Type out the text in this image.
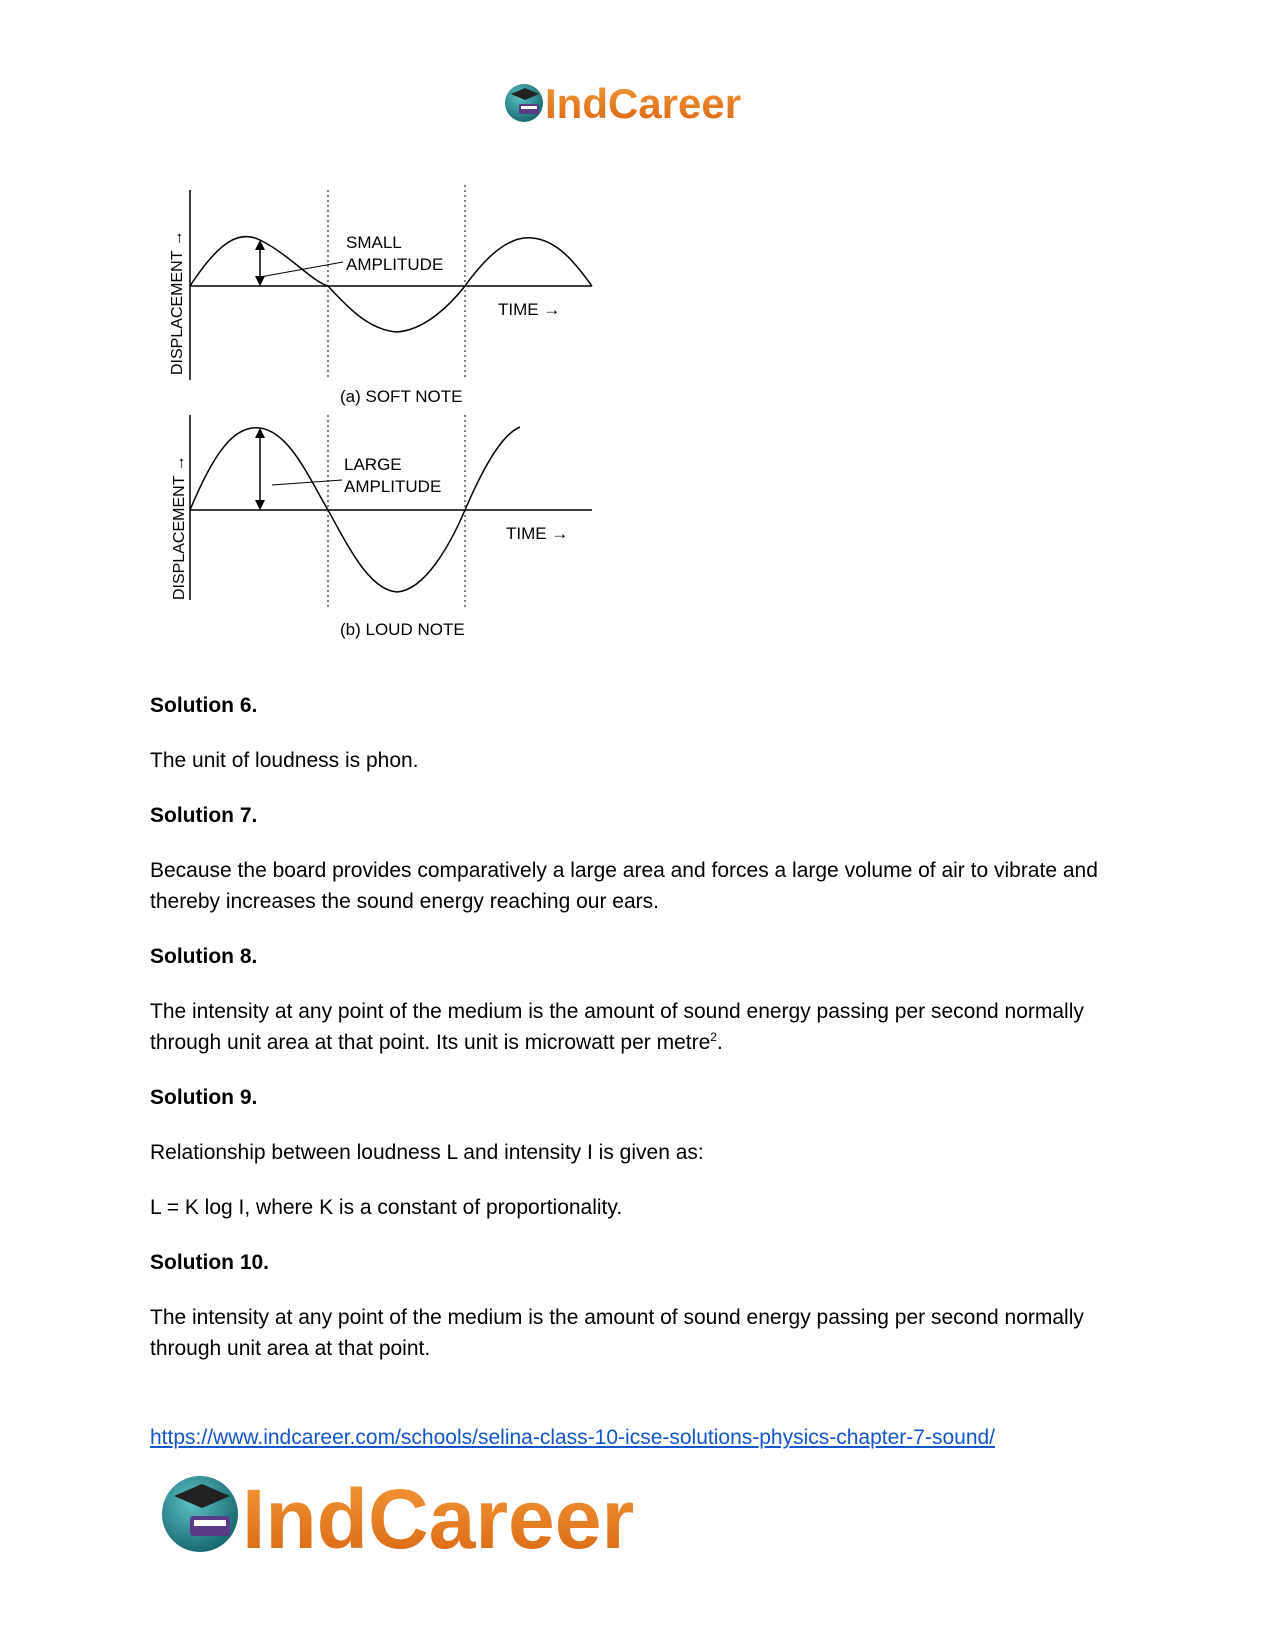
IndCareer
SMALL
AMPLITUDE
TIME →
DISPLACEMENT →
(a) SOFT NOTE
LARGE
AMPLITUDE
TIME →
DISPLACEMENT →
(b) LOUD NOTE
Solution 6.

The unit of loudness is phon.

Solution 7.

Because the board provides comparatively a large area and forces a large volume of air to vibrate and thereby increases the sound energy reaching our ears.

Solution 8.

The intensity at any point of the medium is the amount of sound energy passing per second normally through unit area at that point. Its unit is microwatt per metre$^2$.

Solution 9.

Relationship between loudness L and intensity I is given as:

L = K log I, where K is a constant of proportionality.

Solution 10.

The intensity at any point of the medium is the amount of sound energy passing per second normally through unit area at that point.

https://www.indcareer.com/schools/selina-class-10-icse-solutions-physics-chapter-7-sound/
IndCareer
